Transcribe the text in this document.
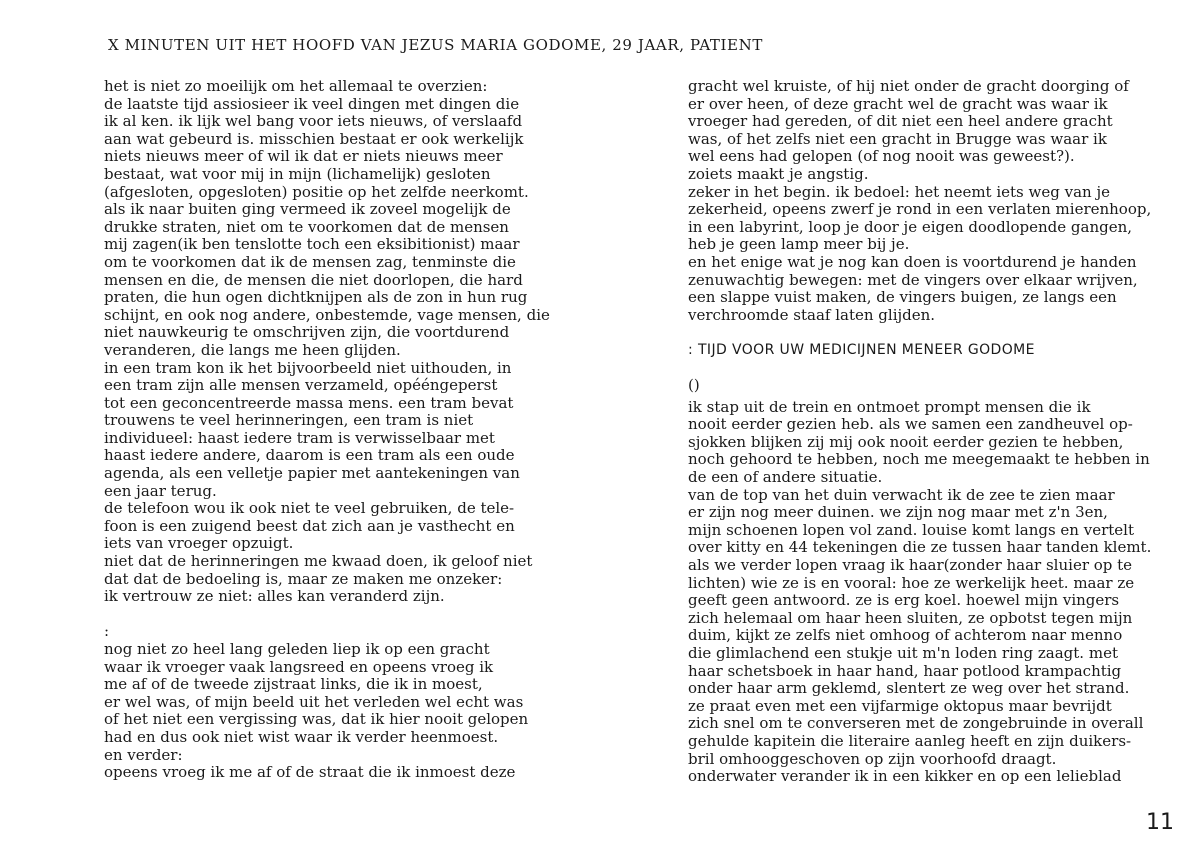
X MINUTEN UIT HET HOOFD VAN JEZUS MARIA GODOME, 29 JAAR, PATIENT
het is niet zo moeilijk om het allemaal te overzien:
de laatste tijd assiosieer ik veel dingen met dingen die
ik al ken. ik lijk wel bang voor iets nieuws, of verslaafd
aan wat gebeurd is. misschien bestaat er ook werkelijk
niets nieuws meer of wil ik dat er niets nieuws meer
bestaat, wat voor mij in mijn (lichamelijk) gesloten
(afgesloten, opgesloten) positie op het zelfde neerkomt.
als ik naar buiten ging vermeed ik zoveel mogelijk de
drukke straten, niet om te voorkomen dat de mensen
mij zagen(ik ben tenslotte toch een eksibitionist) maar
om te voorkomen dat ik de mensen zag, tenminste die
mensen en die, de mensen die niet doorlopen, die hard
praten, die hun ogen dichtknijpen als de zon in hun rug
schijnt, en ook nog andere, onbestemde, vage mensen, die
niet nauwkeurig te omschrijven zijn, die voortdurend
veranderen, die langs me heen glijden.
in een tram kon ik het bijvoorbeeld niet uithouden, in
een tram zijn alle mensen verzameld, opééngeperst
tot een geconcentreerde massa mens. een tram bevat
trouwens te veel herinneringen, een tram is niet
individueel: haast iedere tram is verwisselbaar met
haast iedere andere, daarom is een tram als een oude
agenda, als een velletje papier met aantekeningen van
een jaar terug.
de telefoon wou ik ook niet te veel gebruiken, de tele-
foon is een zuigend beest dat zich aan je vasthecht en
iets van vroeger opzuigt.
niet dat de herinneringen me kwaad doen, ik geloof niet
dat dat de bedoeling is, maar ze maken me onzeker:
ik vertrouw ze niet: alles kan veranderd zijn.
:
nog niet zo heel lang geleden liep ik op een gracht
waar ik vroeger vaak langsreed en opeens vroeg ik
me af of de tweede zijstraat links, die ik in moest,
er wel was, of mijn beeld uit het verleden wel echt was
of het niet een vergissing was, dat ik hier nooit gelopen
had en dus ook niet wist waar ik verder heenmoest.
en verder:
opeens vroeg ik me af of de straat die ik inmoest deze
gracht wel kruiste, of hij niet onder de gracht doorging of
er over heen, of deze gracht wel de gracht was waar ik
vroeger had gereden, of dit niet een heel andere gracht
was, of het zelfs niet een gracht in Brugge was waar ik
wel eens had gelopen (of nog nooit was geweest?).
zoiets maakt je angstig.
zeker in het begin. ik bedoel: het neemt iets weg van je
zekerheid, opeens zwerf je rond in een verlaten mierenhoop,
in een labyrint, loop je door je eigen doodlopende gangen,
heb je geen lamp meer bij je.
en het enige wat je nog kan doen is voortdurend je handen
zenuwachtig bewegen: met de vingers over elkaar wrijven,
een slappe vuist maken, de vingers buigen, ze langs een
verchroomde staaf laten glijden.
: TIJD VOOR UW MEDICIJNEN MENEER GODOME
()
ik stap uit de trein en ontmoet prompt mensen die ik
nooit eerder gezien heb. als we samen een zandheuvel op-
sjokken blijken zij mij ook nooit eerder gezien te hebben,
noch gehoord te hebben, noch me meegemaakt te hebben in
de een of andere situatie.
van de top van het duin verwacht ik de zee te zien maar
er zijn nog meer duinen. we zijn nog maar met z'n 3en,
mijn schoenen lopen vol zand. louise komt langs en vertelt
over kitty en 44 tekeningen die ze tussen haar tanden klemt.
als we verder lopen vraag ik haar(zonder haar sluier op te
lichten) wie ze is en vooral: hoe ze werkelijk heet. maar ze
geeft geen antwoord. ze is erg koel. hoewel mijn vingers
zich helemaal om haar heen sluiten, ze opbotst tegen mijn
duim, kijkt ze zelfs niet omhoog of achterom naar menno
die glimlachend een stukje uit m'n loden ring zaagt. met
haar schetsboek in haar hand, haar potlood krampachtig
onder haar arm geklemd, slentert ze weg over het strand.
ze praat even met een vijfarmige oktopus maar bevrijdt
zich snel om te converseren met de zongebruinde in overall
gehulde kapitein die literaire aanleg heeft en zijn duikers-
bril omhooggeschoven op zijn voorhoofd draagt.
onderwater verander ik in een kikker en op een lelieblad
11
